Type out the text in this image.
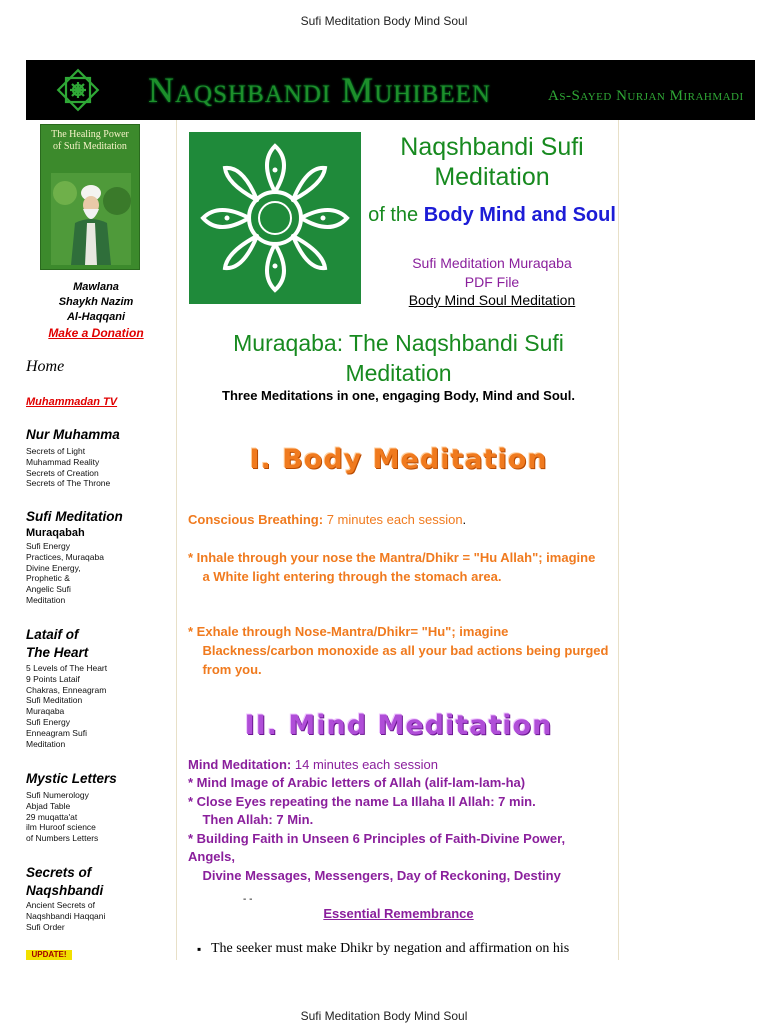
Sufi Meditation Body Mind Soul
Naqshbandi Muhibeen	As-Sayed Nurjan Mirahmadi
The Healing Power
of Sufi Meditation
Mawlana
Shaykh Nazim
Al-Haqqani
Make a Donation
Home
Muhammadan TV
Nur Muhamma
Secrets of Light
Muhammad Reality
Secrets of Creation
Secrets of The Throne
Sufi Meditation
Muraqabah
Sufi Energy
Practices, Muraqaba
Divine Energy,
Prophetic &
Angelic Sufi
Meditation
Lataif of
The Heart
5 Levels of The Heart
9 Points Lataif
Chakras, Enneagram
Sufi Meditation
Muraqaba
Sufi Energy
Enneagram Sufi
Meditation
Mystic Letters
Sufi Numerology
Abjad Table
29 muqatta'at
ilm Huroof science
of Numbers Letters
Secrets of
Naqshbandi
Ancient Secrets of
Naqshbandi Haqqani
Sufi Order
UPDATE!
Naqshbandi Sufi Meditation
of the Body Mind and Soul
Sufi Meditation Muraqaba
PDF File
Body Mind Soul Meditation
Muraqaba: The Naqshbandi Sufi Meditation
Three Meditations in one, engaging Body, Mind and Soul.
I. Body Meditation
Conscious Breathing: 7 minutes each session.
* Inhale through your nose the Mantra/Dhikr = "Hu Allah"; imagine
a White light entering through the stomach area.
* Exhale through Nose-Mantra/Dhikr= "Hu"; imagine
Blackness/carbon monoxide as all your bad actions being purged
from you.
II. Mind Meditation
Mind Meditation: 14 minutes each session
* Mind Image of Arabic letters of Allah (alif-lam-lam-ha)
* Close Eyes repeating the name La Illaha Il Allah: 7 min.
Then Allah: 7 Min.
* Building Faith in Unseen 6 Principles of Faith-Divine Power, Angels,
Divine Messages, Messengers, Day of Reckoning, Destiny
- -
Essential Remembrance
▪ The seeker must make Dhikr by negation and affirmation on his
Sufi Meditation Body Mind Soul
